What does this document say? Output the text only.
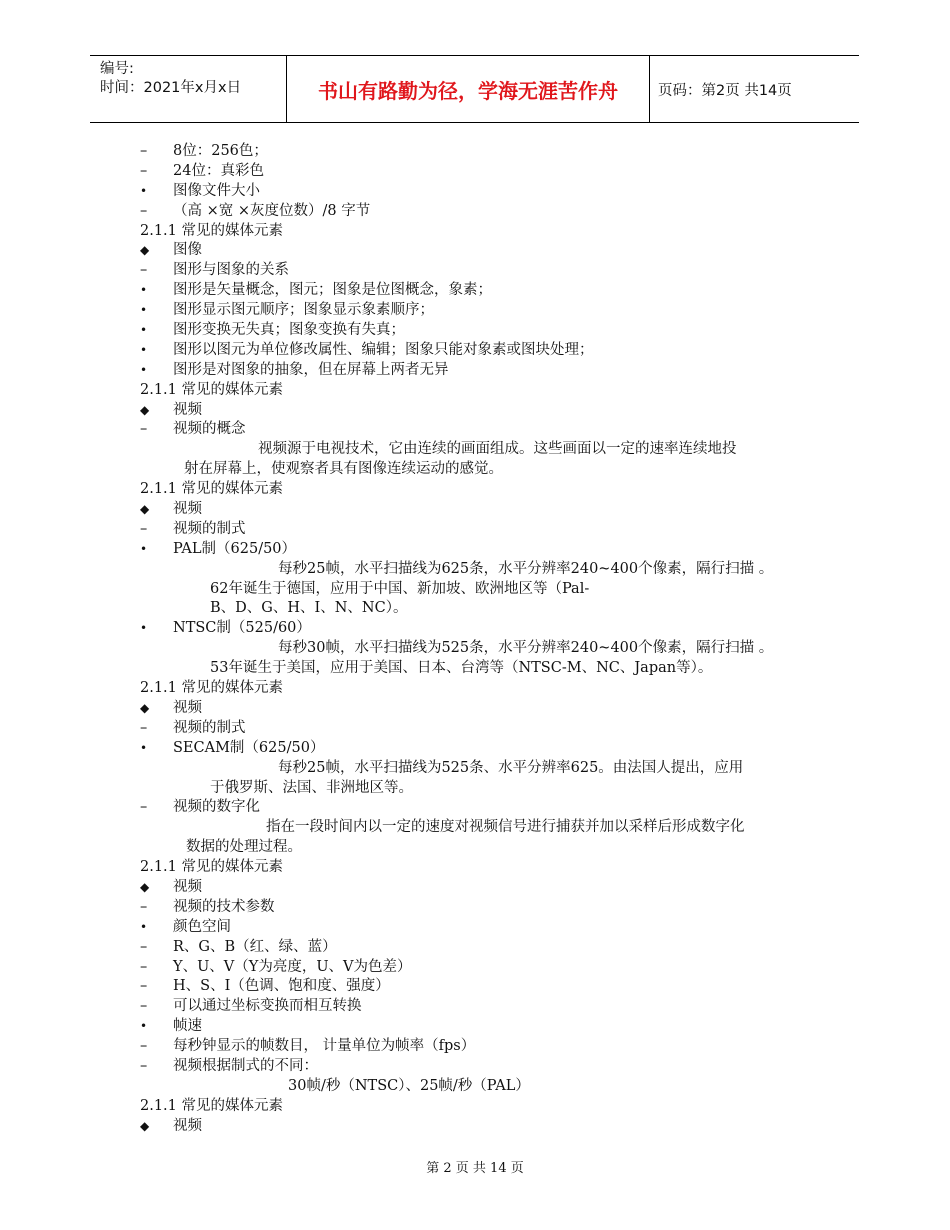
编号:
时间：2021年x月x日	书山有路勤为径，学海无涯苦作舟	页码：第2页 共14页
–8位：256色；
–24位：真彩色
•图像文件大小
–（高 ×宽 ×灰度位数）/8 字节
2.1.1 常见的媒体元素
◆图像
–图形与图象的关系
•图形是矢量概念，图元；图象是位图概念，象素；
•图形显示图元顺序；图象显示象素顺序；
•图形变换无失真；图象变换有失真；
•图形以图元为单位修改属性、编辑；图象只能对象素或图块处理；
•图形是对图象的抽象，但在屏幕上两者无异
2.1.1 常见的媒体元素
◆视频
–视频的概念
视频源于电视技术，它由连续的画面组成。这些画面以一定的速率连续地投
射在屏幕上，使观察者具有图像连续运动的感觉。
2.1.1 常见的媒体元素
◆视频
–视频的制式
•PAL制（625/50）
每秒25帧，水平扫描线为625条，水平分辨率240~400个像素，隔行扫描 。
62年诞生于德国，应用于中国、新加坡、欧洲地区等（Pal-
B、D、G、H、I、N、NC）。
•NTSC制（525/60）
每秒30帧，水平扫描线为525条，水平分辨率240~400个像素，隔行扫描 。
53年诞生于美国，应用于美国、日本、台湾等（NTSC-M、NC、Japan等）。
2.1.1 常见的媒体元素
◆视频
–视频的制式
•SECAM制（625/50）
每秒25帧，水平扫描线为525条、水平分辨率625。由法国人提出，应用
于俄罗斯、法国、非洲地区等。
–视频的数字化
指在一段时间内以一定的速度对视频信号进行捕获并加以采样后形成数字化
数据的处理过程。
2.1.1 常见的媒体元素
◆视频
–视频的技术参数
•颜色空间
–R、G、B（红、绿、蓝）
–Y、U、V（Y为亮度，U、V为色差）
–H、S、I（色调、饱和度、强度）
–可以通过坐标变换而相互转换
•帧速
–每秒钟显示的帧数目， 计量单位为帧率（fps）
–视频根据制式的不同：
30帧/秒（NTSC）、25帧/秒（PAL）
2.1.1 常见的媒体元素
◆视频
第 2 页 共 14 页
